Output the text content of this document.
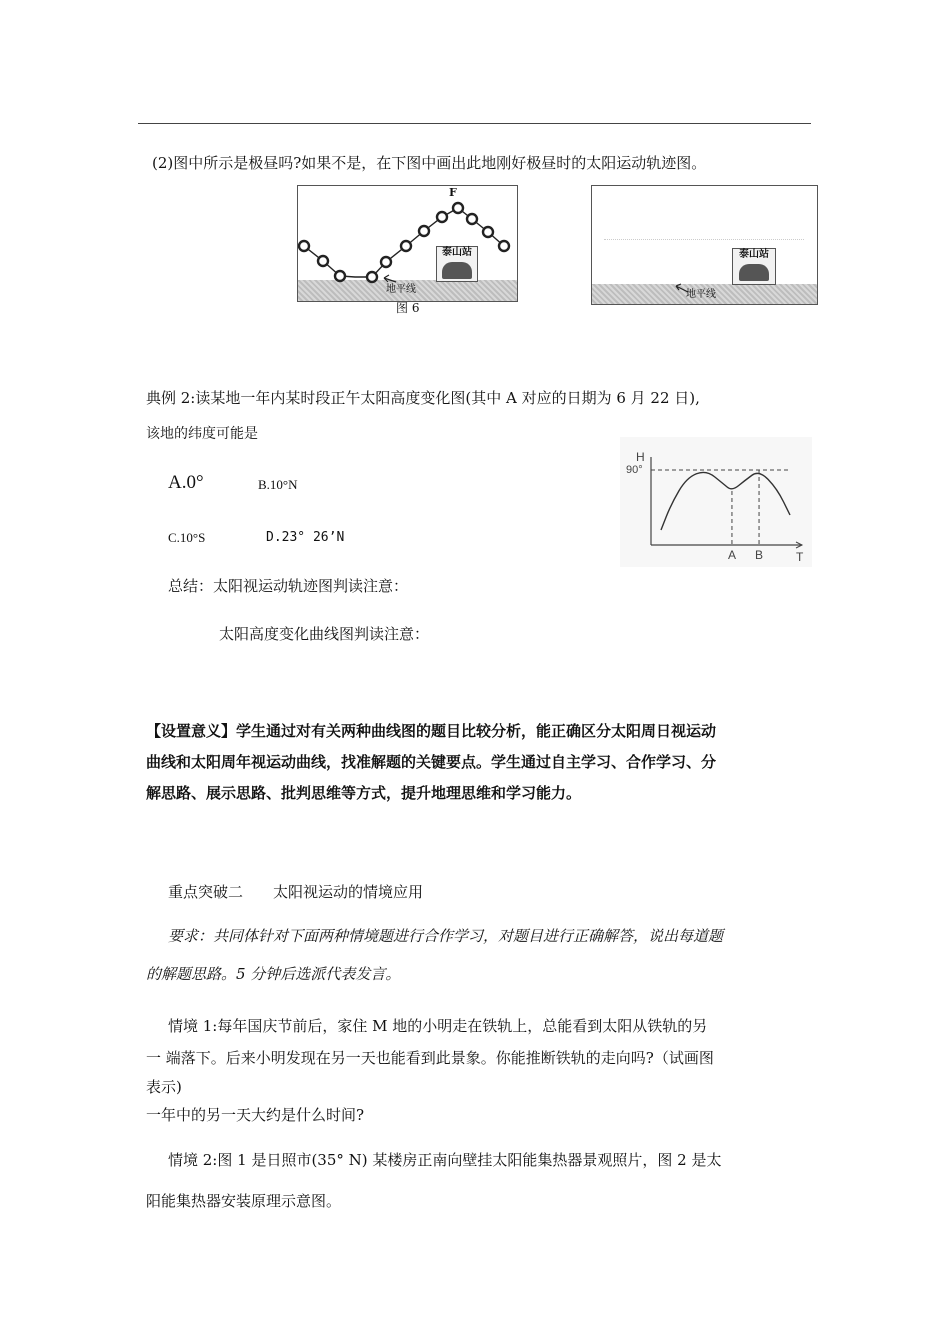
(2)图中所示是极昼吗?如果不是，在下图中画出此地刚好极昼时的太阳运动轨迹图。
F
泰山站
地平线
图 6
泰山站
地平线
典例 2:读某地一年内某时段正午太阳高度变化图(其中 A 对应的日期为 6 月 22 日),
该地的纬度可能是
A.0°	B.10°N
C.10°S	D.23° 26’N
H
90°
A B	T
总结：太阳视运动轨迹图判读注意：
太阳高度变化曲线图判读注意：
【设置意义】学生通过对有关两种曲线图的题目比较分析，能正确区分太阳周日视运动
曲线和太阳周年视运动曲线，找准解题的关键要点。学生通过自主学习、合作学习、分
解思路、展示思路、批判思维等方式，提升地理思维和学习能力。
重点突破二　　太阳视运动的情境应用
要求：共同体针对下面两种情境题进行合作学习，对题目进行正确解答，说出每道题
的解题思路。5 分钟后选派代表发言。
情境 1:每年国庆节前后，家住 M 地的小明走在铁轨上，总能看到太阳从铁轨的另
一 端落下。后来小明发现在另一天也能看到此景象。你能推断铁轨的走向吗?（试画图
表示)
一年中的另一天大约是什么时间?
情境 2:图 1 是日照市(35° N) 某楼房正南向壁挂太阳能集热器景观照片，图 2 是太
阳能集热器安装原理示意图。
